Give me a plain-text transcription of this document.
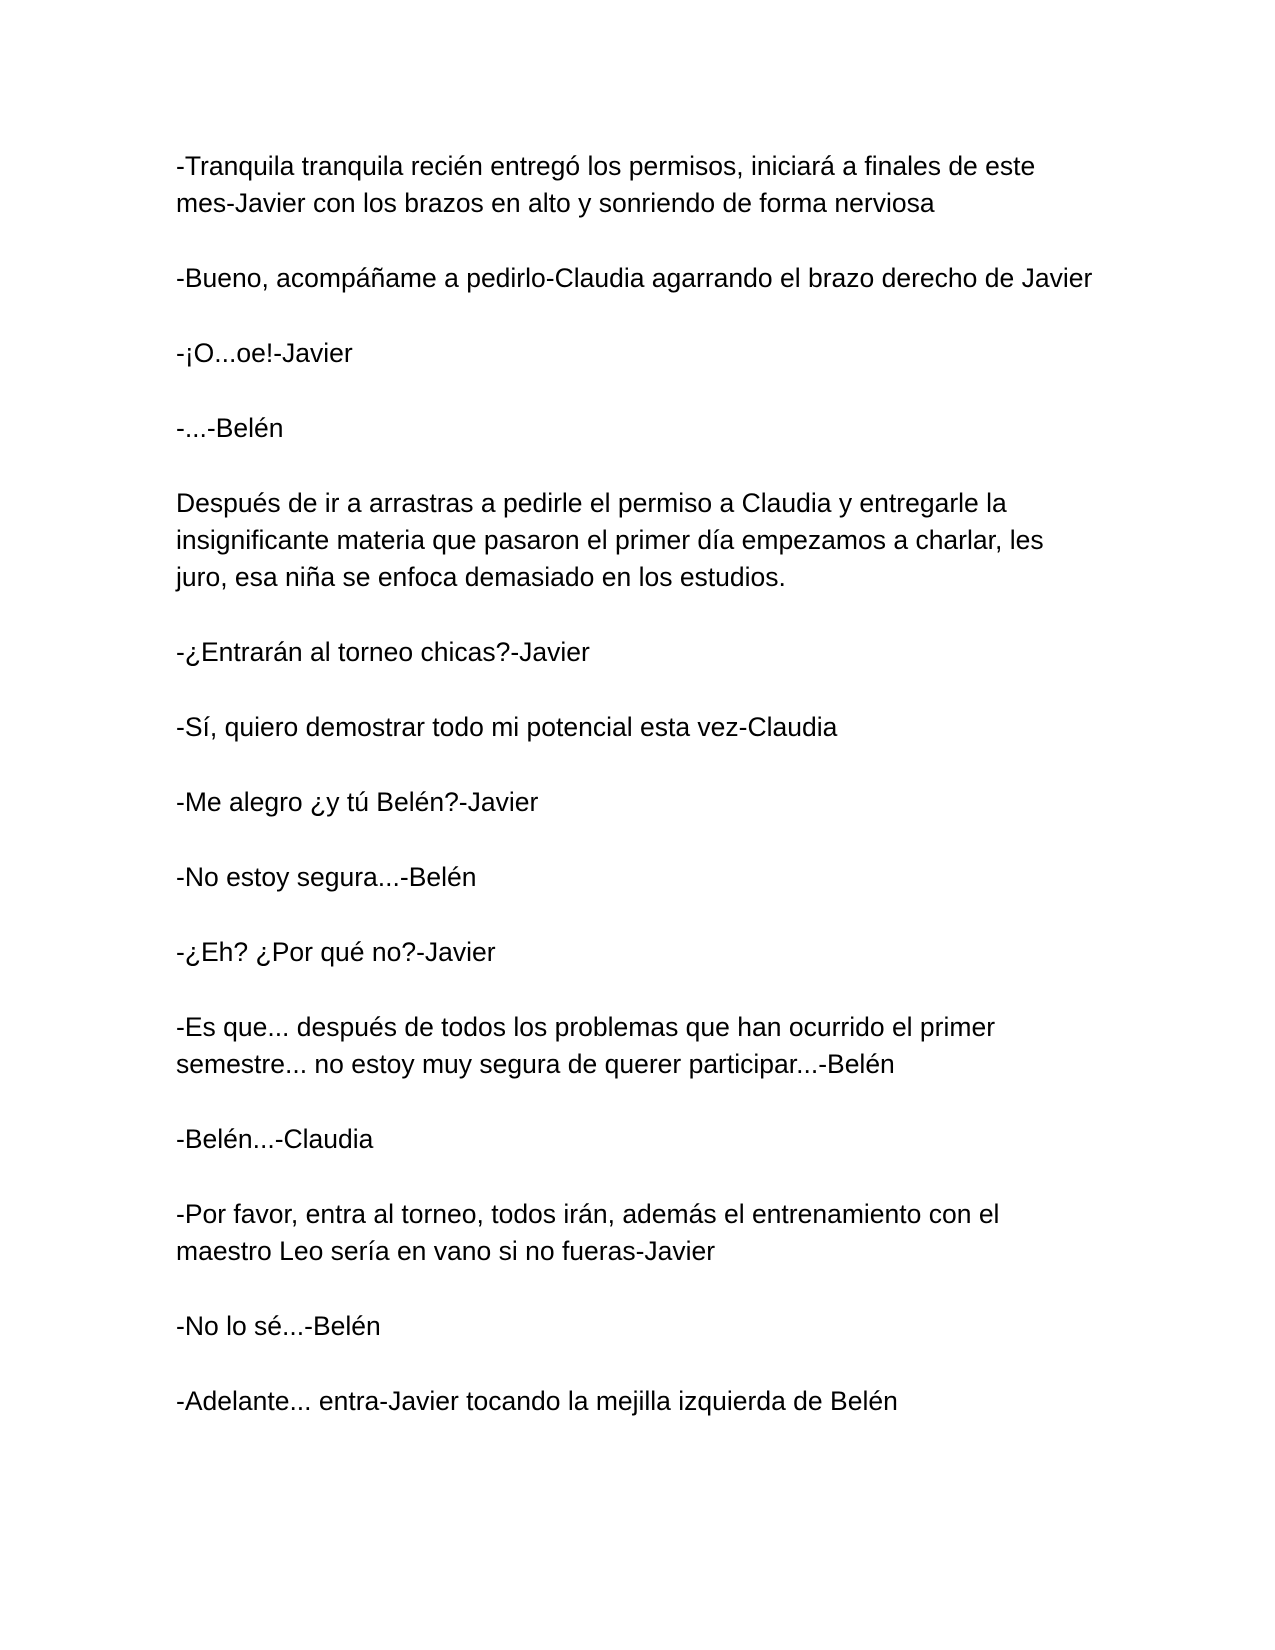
-Tranquila tranquila recién entregó los permisos, iniciará a finales de este mes-Javier con los brazos en alto y sonriendo de forma nerviosa

-Bueno, acompáñame a pedirlo-Claudia agarrando el brazo derecho de Javier

-¡O...oe!-Javier

-...-Belén

Después de ir a arrastras a pedirle el permiso a Claudia y entregarle la insignificante materia que pasaron el primer día empezamos a charlar, les juro, esa niña se enfoca demasiado en los estudios.

-¿Entrarán al torneo chicas?-Javier

-Sí, quiero demostrar todo mi potencial esta vez-Claudia

-Me alegro ¿y tú Belén?-Javier

-No estoy segura...-Belén

-¿Eh? ¿Por qué no?-Javier

-Es que... después de todos los problemas que han ocurrido el primer semestre... no estoy muy segura de querer participar...-Belén

-Belén...-Claudia

-Por favor, entra al torneo, todos irán, además el entrenamiento con el maestro Leo sería en vano si no fueras-Javier

-No lo sé...-Belén

-Adelante... entra-Javier tocando la mejilla izquierda de Belén
